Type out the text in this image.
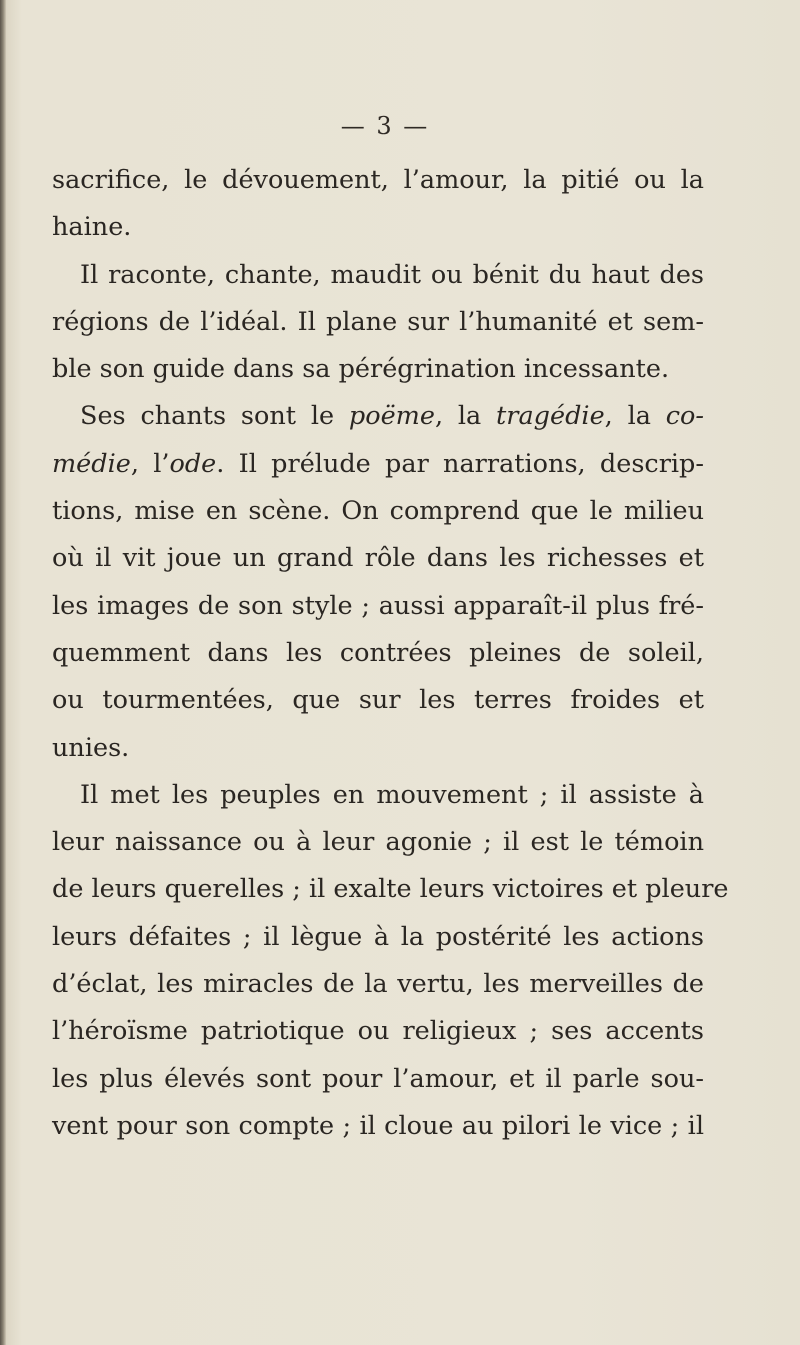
— 3 —
sacrifice, le dévouement, l’amour, la pitié ou la
haine.
Il raconte, chante, maudit ou bénit du haut des
régions de l’idéal. Il plane sur l’humanité et sem-
ble son guide dans sa pérégrination incessante.
Ses chants sont le poëme, la tragédie, la co-
médie, l’ode. Il prélude par narrations, descrip-
tions, mise en scène. On comprend que le milieu
où il vit joue un grand rôle dans les richesses et
les images de son style ; aussi apparaît-il plus fré-
quemment dans les contrées pleines de soleil,
ou tourmentées, que sur les terres froides et
unies.
Il met les peuples en mouvement ; il assiste à
leur naissance ou à leur agonie ; il est le témoin
de leurs querelles ; il exalte leurs victoires et pleure
leurs défaites ; il lègue à la postérité les actions
d’éclat, les miracles de la vertu, les merveilles de
l’héroïsme patriotique ou religieux ; ses accents
les plus élevés sont pour l’amour, et il parle sou-
vent pour son compte ; il cloue au pilori le vice ; il
